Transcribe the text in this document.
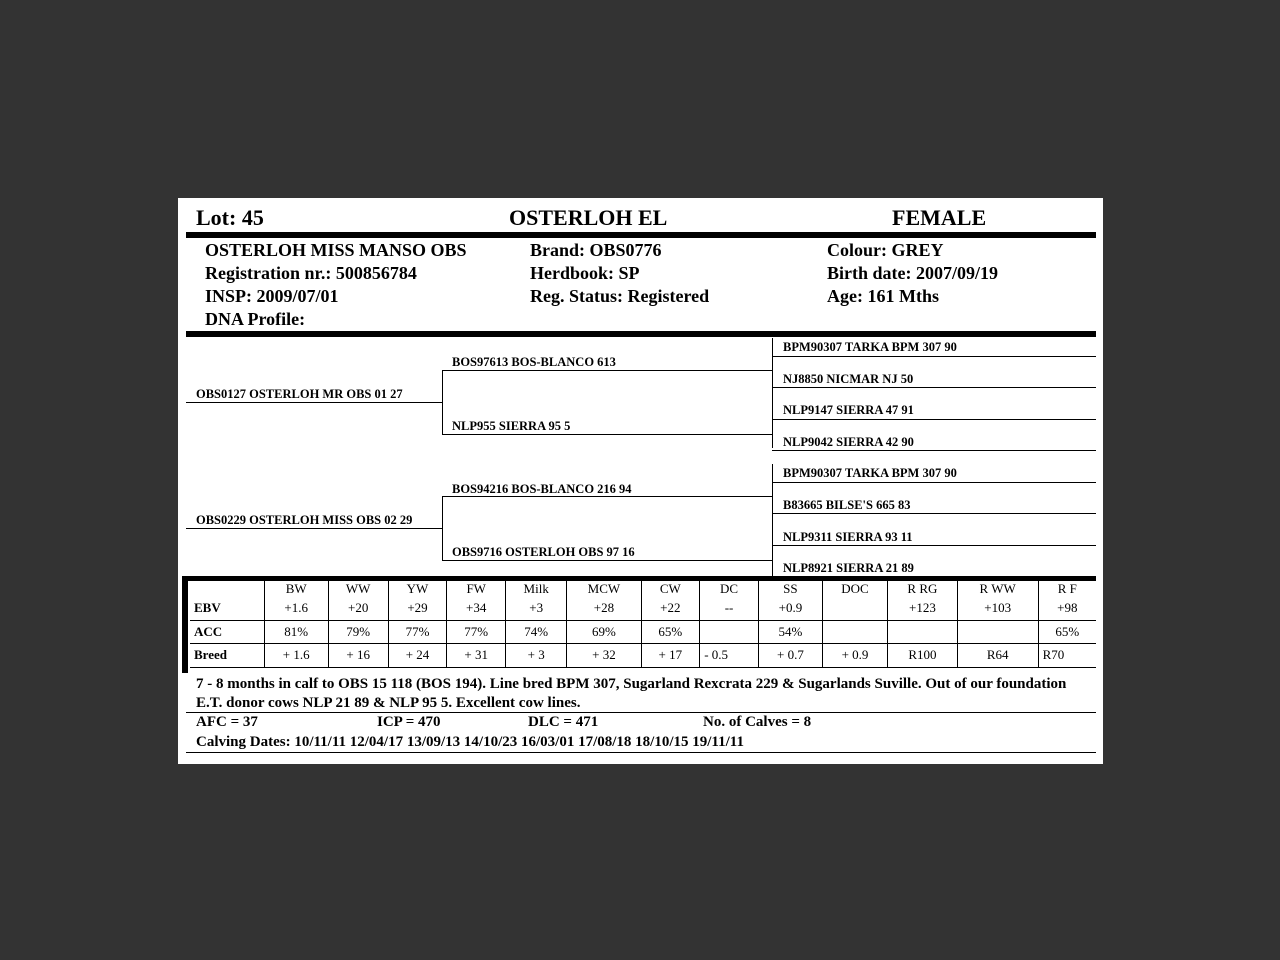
Lot: 45	OSTERLOH EL	FEMALE
OSTERLOH MISS MANSO OBS
Registration nr.: 500856784
INSP: 2009/07/01
DNA Profile:
Brand: OBS0776
Herdbook: SP
Reg. Status: Registered
Colour: GREY
Birth date: 2007/09/19
Age: 161 Mths
OBS0127 OSTERLOH MR OBS 01 27
OBS0229 OSTERLOH MISS OBS 02 29
BOS97613 BOS-BLANCO 613
NLP955 SIERRA 95 5
BOS94216 BOS-BLANCO 216 94
OBS9716 OSTERLOH OBS 97 16
BPM90307 TARKA BPM 307 90
NJ8850 NICMAR NJ 50
NLP9147 SIERRA 47 91
NLP9042 SIERRA 42 90
BPM90307 TARKA BPM 307 90
B83665 BILSE'S 665 83
NLP9311 SIERRA 93 11
NLP8921 SIERRA 21 89
	BW	WW	YW	FW	Milk	MCW	CW	DC	SS	DOC	R RG	R WW	R F
EBV	+1.6	+20	+29	+34	+3	+28	+22	--	+0.9		+123	+103	+98
ACC	81%	79%	77%	77%	74%	69%	65%		54%				65%
Breed	+ 1.6	+ 16	+ 24	+ 31	+ 3	+ 32	+ 17	- 0.5	+ 0.7	+ 0.9	R100	R64	R70
7 - 8 months in calf to OBS 15 118 (BOS 194). Line bred BPM 307, Sugarland Rexcrata 229 & Sugarlands Suville. Out of our foundation E.T. donor cows NLP 21 89 & NLP 95 5. Excellent cow lines.
AFC = 37	ICP = 470	DLC = 471	No. of Calves = 8
Calving Dates: 10/11/11 12/04/17 13/09/13 14/10/23 16/03/01 17/08/18 18/10/15 19/11/11
